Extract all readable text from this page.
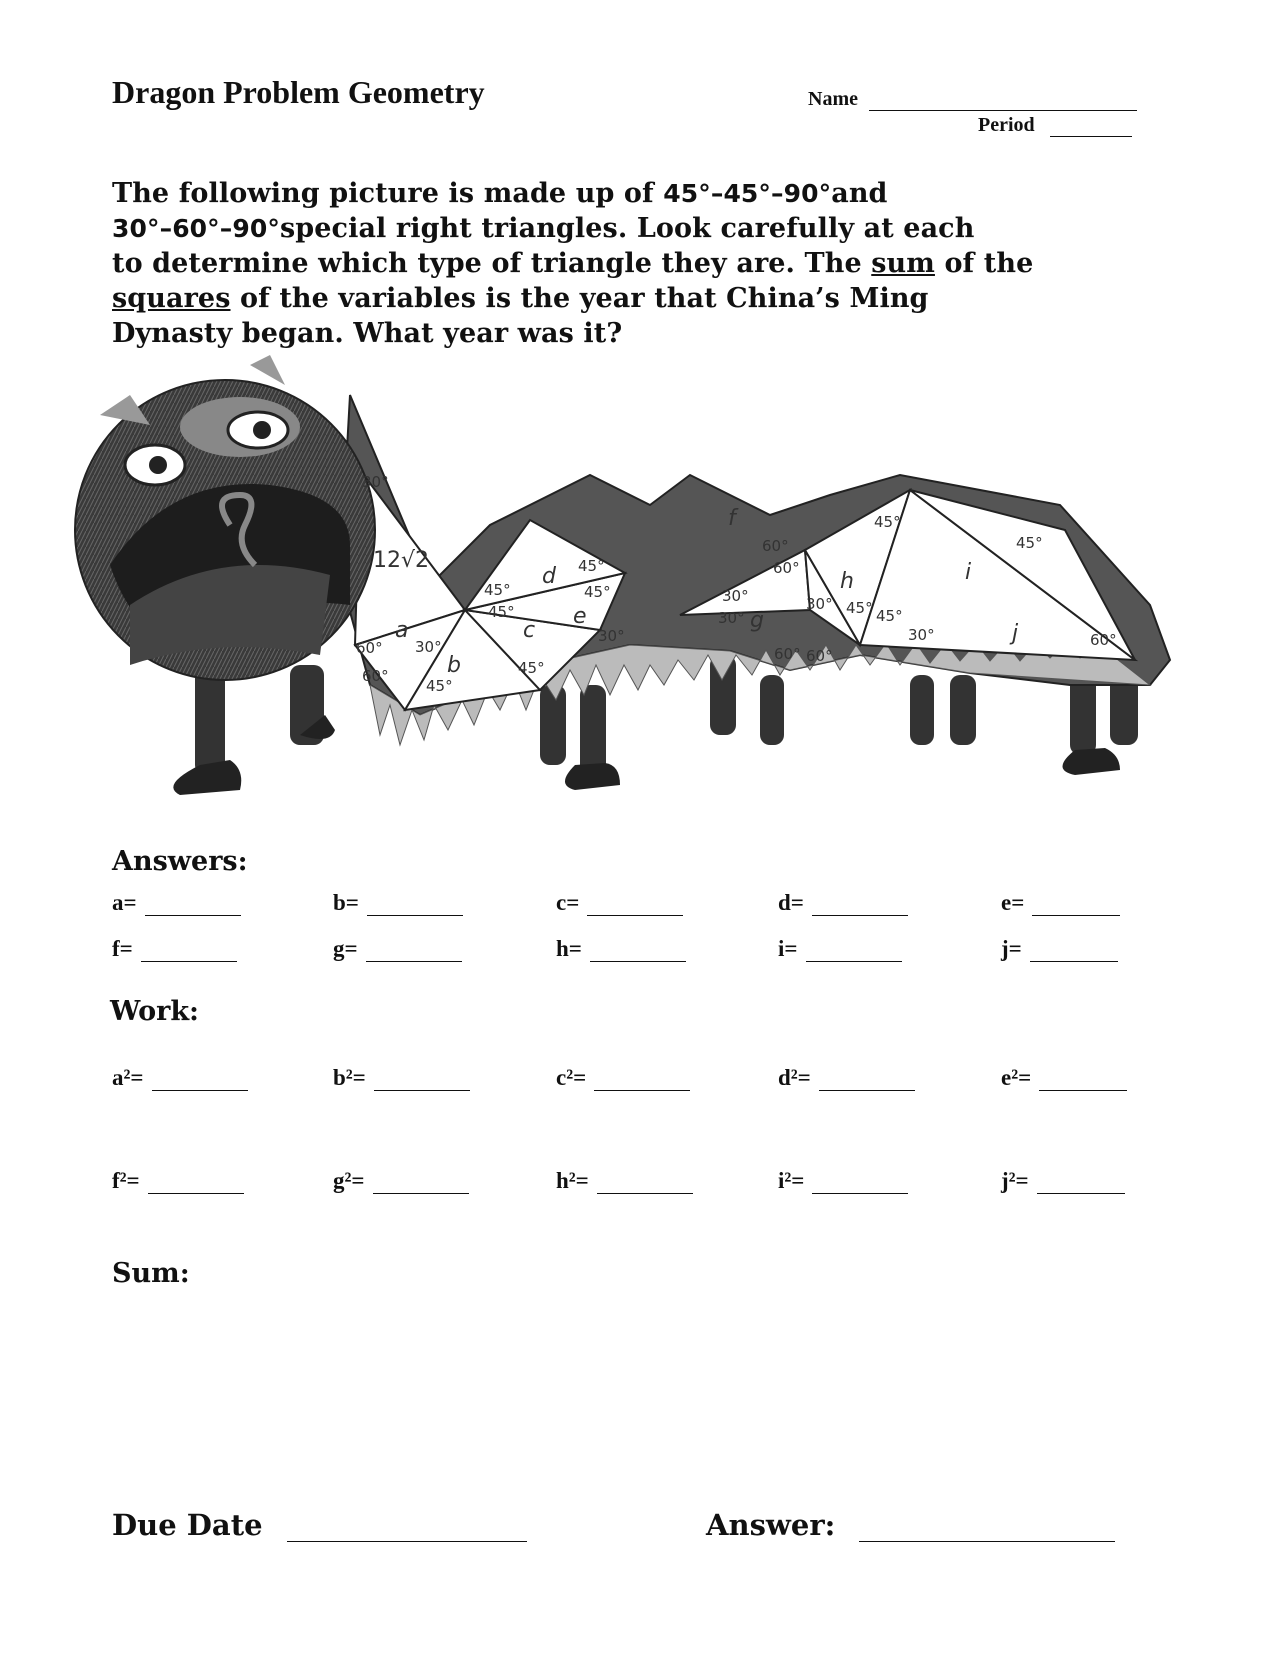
Dragon Problem Geometry	Name
Period
The following picture is made up of 45°–45°–90°and
30°–60°–90°special right triangles. Look carefully at each
to determine which type of triangle they are. The sum of the
squares of the variables is the year that China’s Ming
Dynasty began. What year was it?
30°
60°
60°
30°
45°
45°
45°
45°
45°
45°
30°
45°
60°
60°
30°
30°
60°
30° 45° 45°
60°
60°
45°
30°
12√2
a
b
c
d
e
f
g
h	i
j
Answers:
a=	b=	c=	d=	e=
f=	g=	h=	i=	j=
Work:
a²=	b²=	c²=	d²=	e²=
f²=	g²=	h²=	i²=	j²=
Sum:
Due Date	Answer:
